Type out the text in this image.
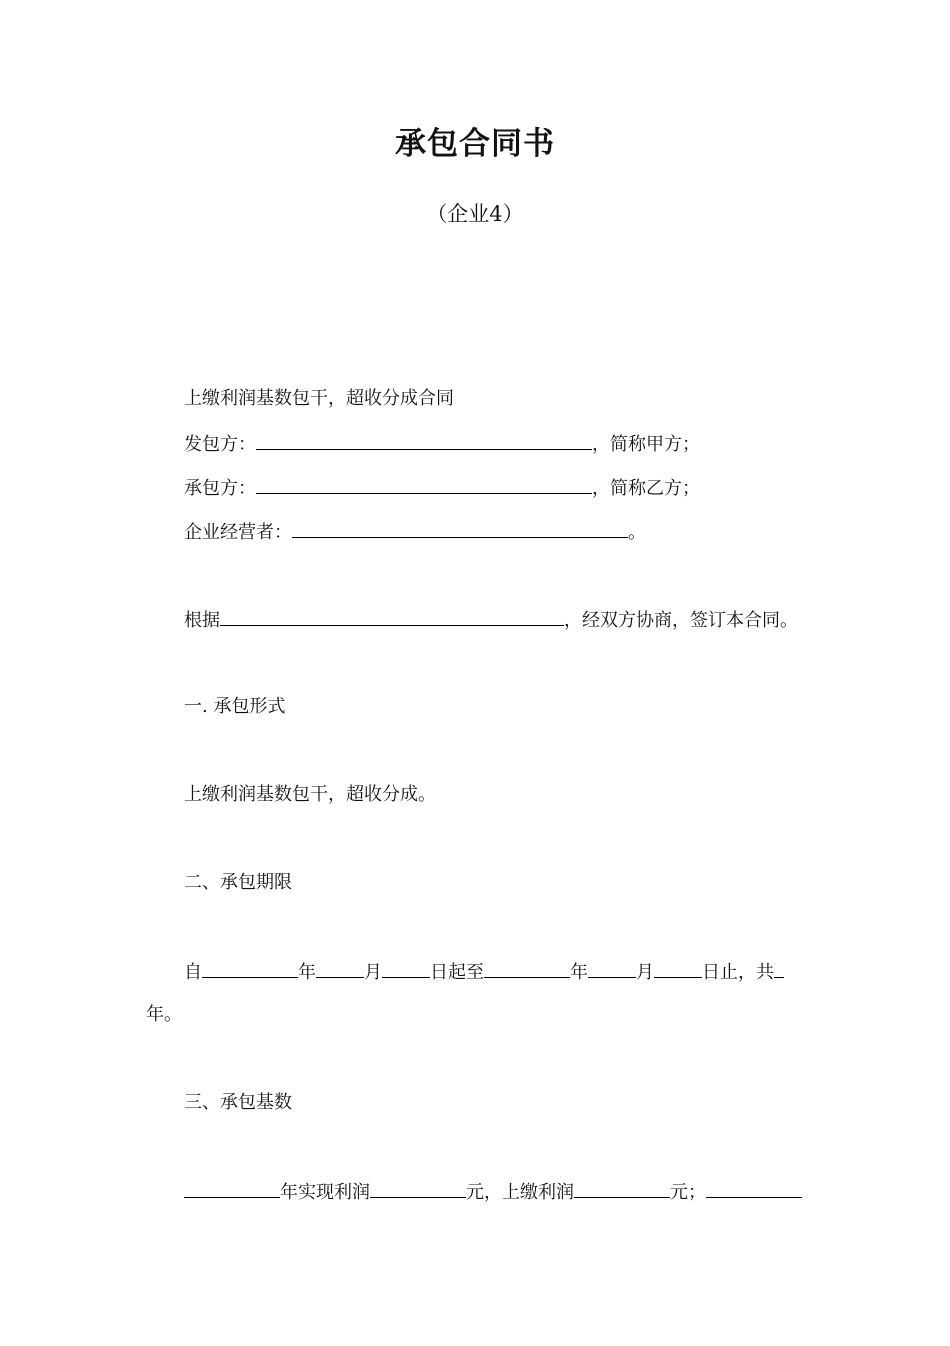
承包合同书
（企业4）
上缴利润基数包干，超收分成合同
发包方：	，简称甲方；
承包方：	，简称乙方；
企业经营者：	。
根据	，经双方协商，签订本合同。
一. 承包形式
上缴利润基数包干，超收分成。
二、承包期限
自	年	月	日起至	年	月	日止，共
年。
三、承包基数
年实现利润	元，上缴利润	元；
